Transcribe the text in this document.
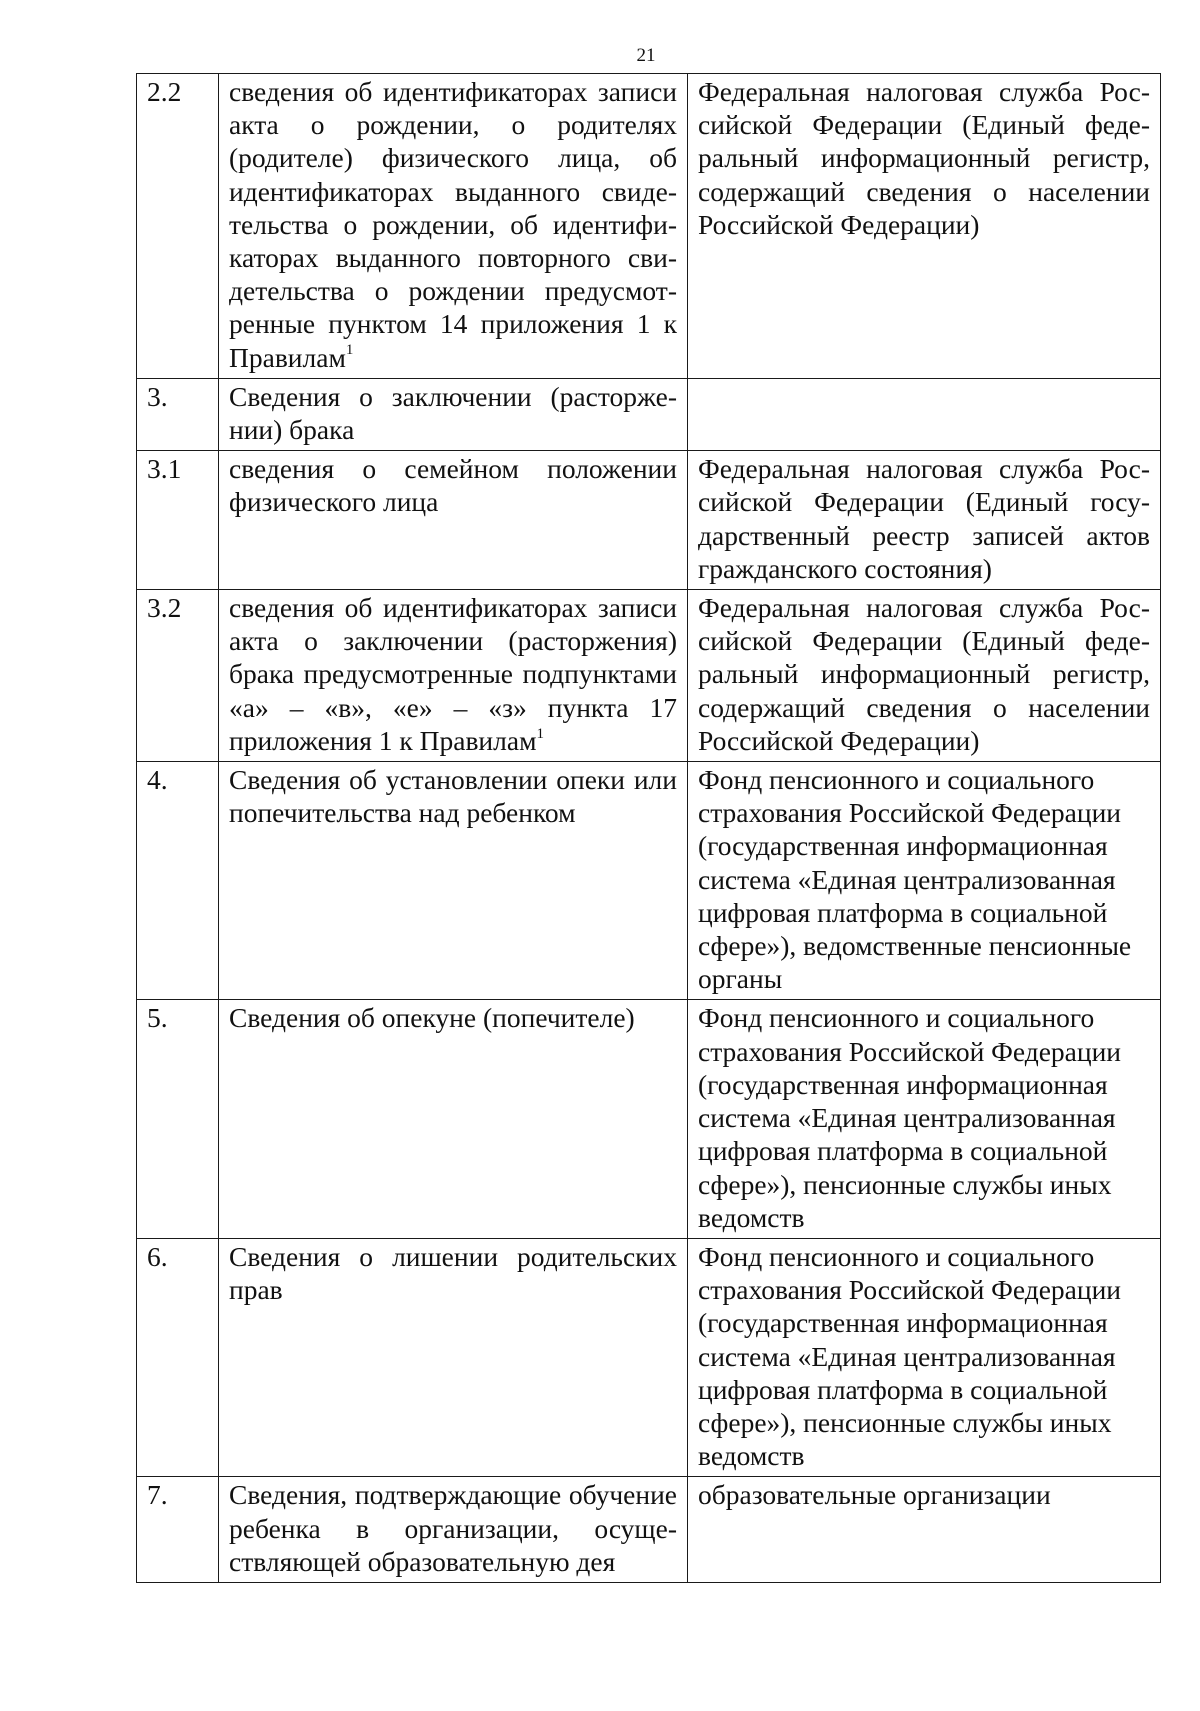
21
2.2	сведения об идентификаторах записи акта о рождении, о родителях (родителе) физического лица, об идентификаторах выданного свидетельства о рождении, об идентификаторах выданного повторного свидетельства о рождении предусмотренные пунктом 14 приложения 1 к Правилам$^1$	Федеральная налоговая служба Российской Федерации (Единый федеральный информационный регистр, содержащий сведения о населении Российской Федерации)
3.	Сведения о заключении (расторжении) брака	
3.1	сведения о семейном положении физического лица	Федеральная налоговая служба Российской Федерации (Единый государственный реестр записей актов гражданского состояния)
3.2	сведения об идентификаторах записи акта о заключении (расторжения) брака предусмотренные подпунктами «а» – «в», «е» – «з» пункта 17 приложения 1 к Правилам$^1$	Федеральная налоговая служба Российской Федерации (Единый федеральный информационный регистр, содержащий сведения о населении Российской Федерации)
4.	Сведения об установлении опеки или попечительства над ребенком	Фонд пенсионного и социального страхования Российской Федерации (государственная информационная система «Единая централизованная цифровая платформа в социальной сфере»), ведомственные пенсионные органы
5.	Сведения об опекуне (попечителе)	Фонд пенсионного и социального страхования Российской Федерации (государственная информационная система «Единая централизованная цифровая платформа в социальной сфере»), пенсионные службы иных ведомств
6.	Сведения о лишении родительских прав	Фонд пенсионного и социального страхования Российской Федерации (государственная информационная система «Единая централизованная цифровая платформа в социальной сфере»), пенсионные службы иных ведомств
7.	Сведения, подтверждающие обучение ребенка в организации, осуществляющей образовательную дея	образовательные организации
